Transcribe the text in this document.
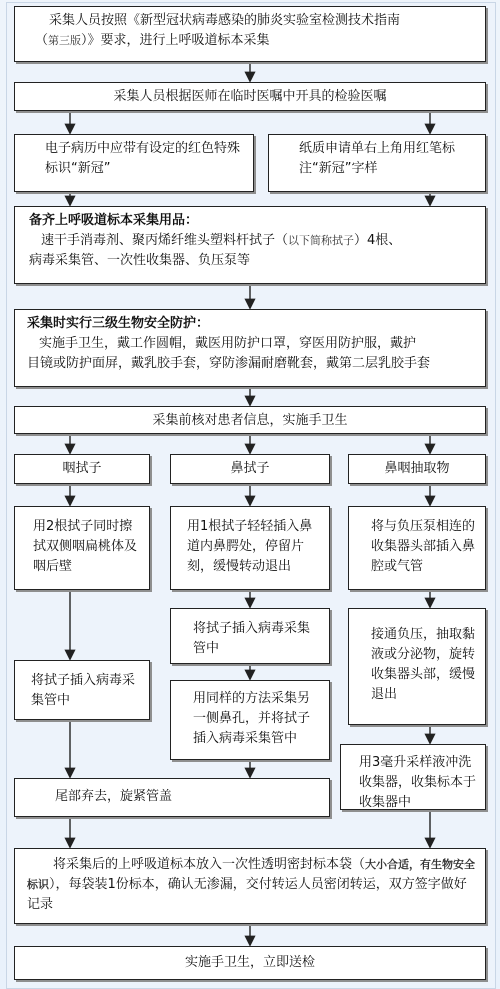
采集人员按照《新型冠状病毒感染的肺炎实验室检测技术指南
（第三版）》要求，进行上呼吸道标本采集
采集人员根据医师在临时医嘱中开具的检验医嘱
电子病历中应带有设定的红色特殊标识“新冠”
纸质申请单右上角用红笔标注“新冠”字样
备齐上呼吸道标本采集用品：
速干手消毒剂、聚丙烯纤维头塑料杆拭子（以下简称拭子）4根、
病毒采集管、一次性收集器、负压泵等
采集时实行三级生物安全防护：
实施手卫生，戴工作圆帽，戴医用防护口罩，穿医用防护服，戴护
目镜或防护面屏，戴乳胶手套，穿防渗漏耐磨靴套，戴第二层乳胶手套
采集前核对患者信息，实施手卫生
咽拭子	鼻拭子	鼻咽抽取物
用2根拭子同时擦拭双侧咽扁桃体及咽后壁
将拭子插入病毒采集管中
用1根拭子轻轻插入鼻道内鼻腭处，停留片刻，缓慢转动退出
将拭子插入病毒采集管中
用同样的方法采集另一侧鼻孔，并将拭子插入病毒采集管中
将与负压泵相连的收集器头部插入鼻腔或气管
接通负压，抽取黏液或分泌物，旋转收集器头部，缓慢退出
用3毫升采样液冲洗收集器，收集标本于收集器中
尾部弃去，旋紧管盖
将采集后的上呼吸道标本放入一次性透明密封标本袋（大小合适，有生物安全标识），每袋装1份标本，确认无渗漏，交付转运人员密闭转运，双方签字做好记录
实施手卫生，立即送检
